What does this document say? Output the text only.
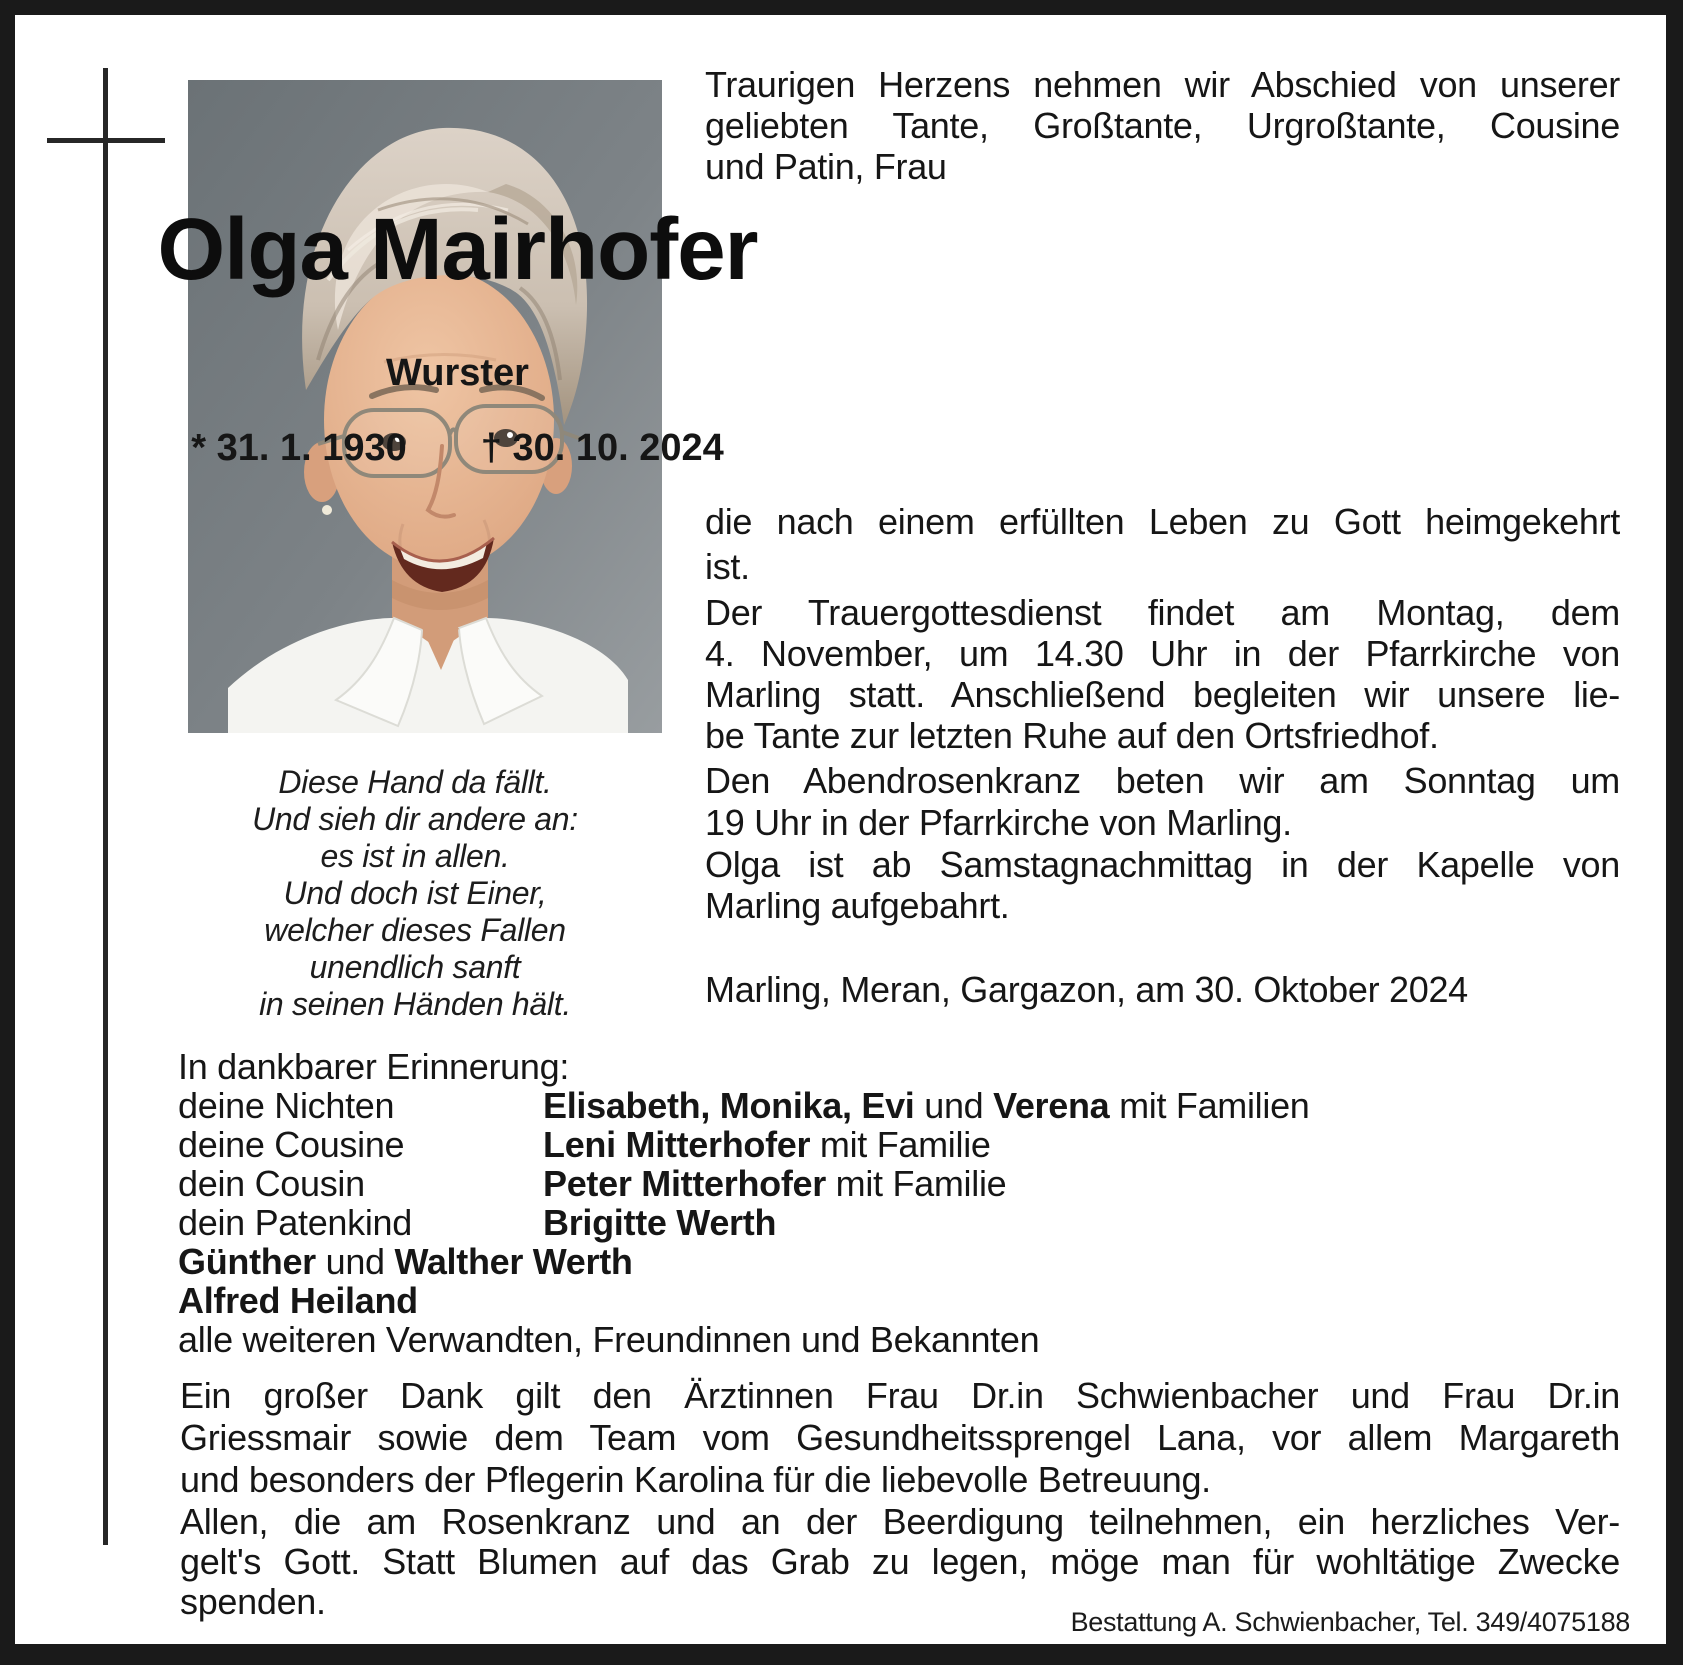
Diese Hand da fällt.
Und sieh dir andere an:
es ist in allen.
Und doch ist Einer,
welcher dieses Fallen
unendlich sanft
in seinen Händen hält.
Traurigen Herzens nehmen wir Abschied von unserer
geliebten Tante, Großtante, Urgroßtante, Cousine
und Patin, Frau
Olga Mairhofer
Wurster
* 31. 1. 1930 † 30. 10. 2024
die nach einem erfüllten Leben zu Gott heimgekehrt
ist.
Der Trauergottesdienst findet am Montag, dem
4. November, um 14.30 Uhr in der Pfarrkirche von
Marling statt. Anschließend begleiten wir unsere lie-
be Tante zur letzten Ruhe auf den Ortsfriedhof.
Den Abendrosenkranz beten wir am Sonntag um
19 Uhr in der Pfarrkirche von Marling.
Olga ist ab Samstagnachmittag in der Kapelle von
Marling aufgebahrt.
Marling, Meran, Gargazon, am 30. Oktober 2024
In dankbarer Erinnerung:
deine Nichten	Elisabeth, Monika, Evi und Verena mit Familien
deine Cousine	Leni Mitterhofer mit Familie
dein Cousin	Peter Mitterhofer mit Familie
dein Patenkind	Brigitte Werth
Günther und Walther Werth
Alfred Heiland
alle weiteren Verwandten, Freundinnen und Bekannten
Ein großer Dank gilt den Ärztinnen Frau Dr.in Schwienbacher und Frau Dr.in
Griessmair sowie dem Team vom Gesundheitssprengel Lana, vor allem Margareth
und besonders der Pflegerin Karolina für die liebevolle Betreuung.
Allen, die am Rosenkranz und an der Beerdigung teilnehmen, ein herzliches Ver-
gelt's Gott. Statt Blumen auf das Grab zu legen, möge man für wohltätige Zwecke
spenden.	Bestattung A. Schwienbacher, Tel. 349/4075188
